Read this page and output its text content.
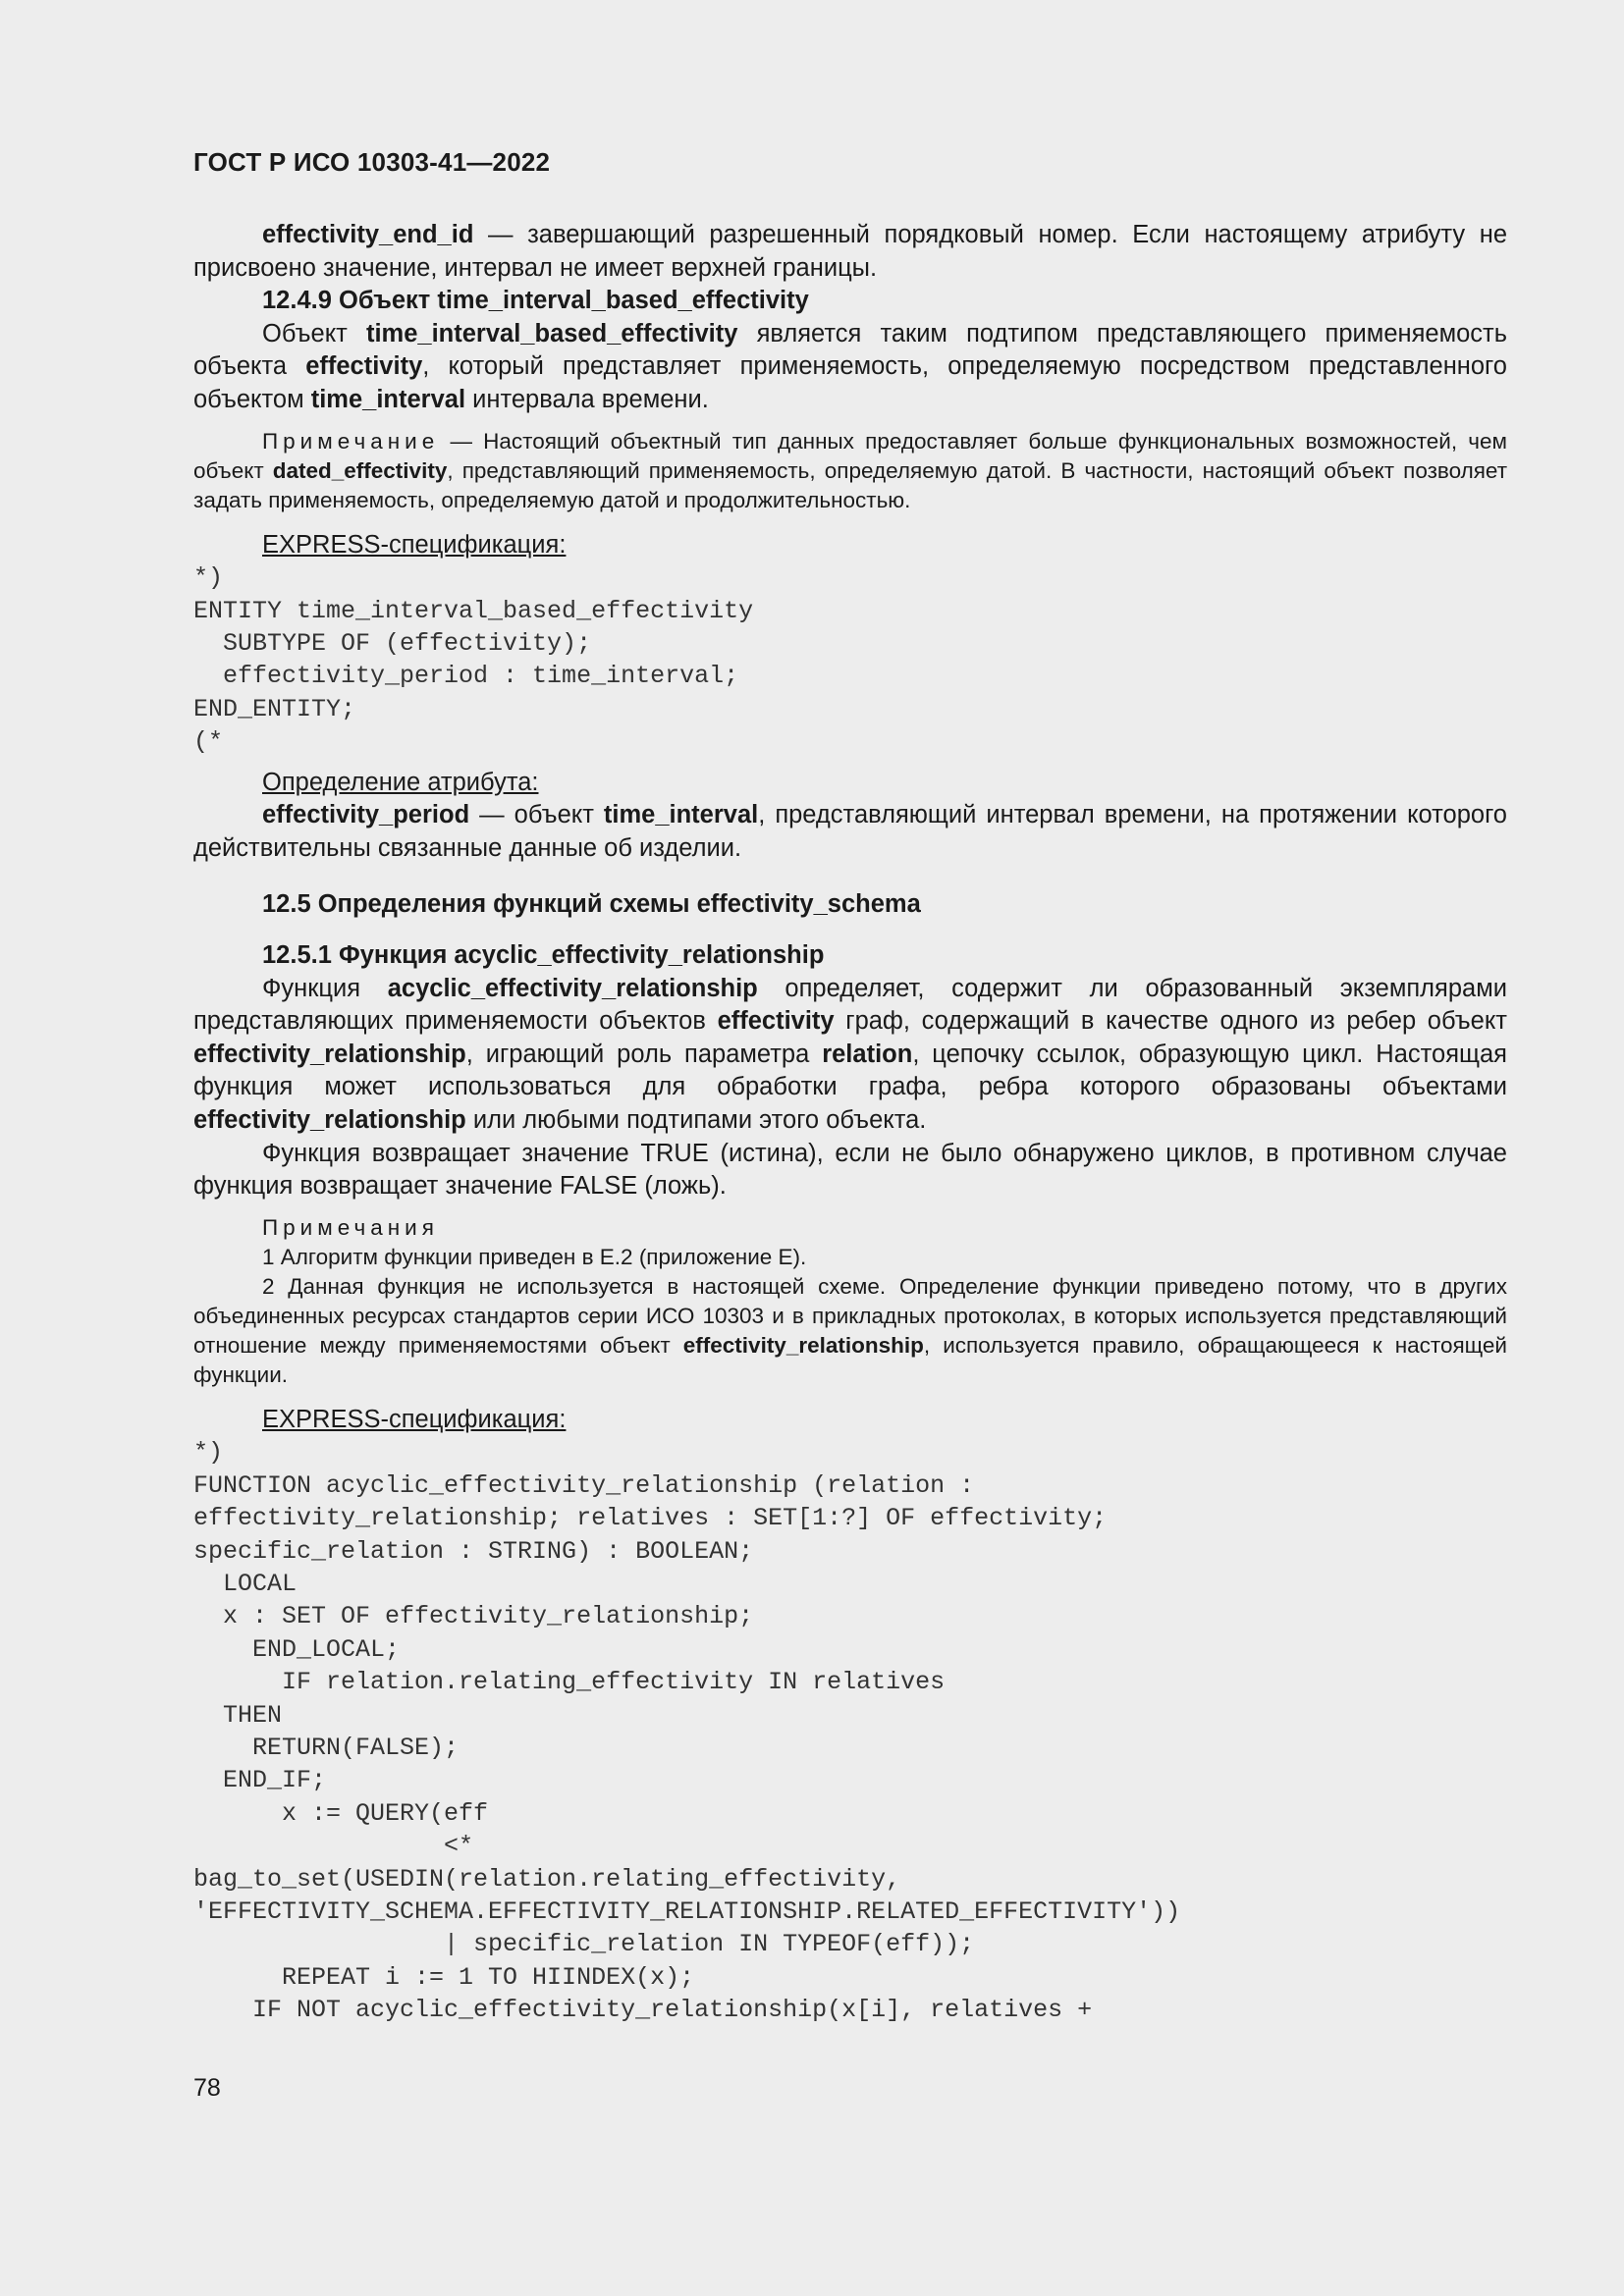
ГОСТ Р ИСО 10303-41—2022

effectivity_end_id — завершающий разрешенный порядковый номер. Если настоящему атрибуту не присвоено значение, интервал не имеет верхней границы.

12.4.9 Объект time_interval_based_effectivity

Объект time_interval_based_effectivity является таким подтипом представляющего применяемость объекта effectivity, который представляет применяемость, определяемую посредством представленного объектом time_interval интервала времени.

Примечание — Настоящий объектный тип данных предоставляет больше функциональных возможностей, чем объект dated_effectivity, представляющий применяемость, определяемую датой. В частности, настоящий объект позволяет задать применяемость, определяемую датой и продолжительностью.

EXPRESS-спецификация:
*)
ENTITY time_interval_based_effectivity
SUBTYPE OF (effectivity);
effectivity_period : time_interval;
END_ENTITY;
(*
Определение атрибута:

effectivity_period — объект time_interval, представляющий интервал времени, на протяжении которого действительны связанные данные об изделии.

12.5 Определения функций схемы effectivity_schema
12.5.1 Функция acyclic_effectivity_relationship

Функция acyclic_effectivity_relationship определяет, содержит ли образованный экземплярами представляющих применяемости объектов effectivity граф, содержащий в качестве одного из ребер объект effectivity_relationship, играющий роль параметра relation, цепочку ссылок, образующую цикл. Настоящая функция может использоваться для обработки графа, ребра которого образованы объектами effectivity_relationship или любыми подтипами этого объекта.

Функция возвращает значение TRUE (истина), если не было обнаружено циклов, в противном случае функция возвращает значение FALSE (ложь).

Примечания

1 Алгоритм функции приведен в Е.2 (приложение Е).

2 Данная функция не используется в настоящей схеме. Определение функции приведено потому, что в других объединенных ресурсах стандартов серии ИСО 10303 и в прикладных протоколах, в которых используется представляющий отношение между применяемостями объект effectivity_relationship, используется правило, обращающееся к настоящей функции.

EXPRESS-спецификация:
*)
FUNCTION acyclic_effectivity_relationship (relation :
effectivity_relationship; relatives : SET[1:?] OF effectivity;
specific_relation : STRING) : BOOLEAN;
LOCAL
x : SET OF effectivity_relationship;
END_LOCAL;
IF relation.relating_effectivity IN relatives
THEN
RETURN(FALSE);
END_IF;
x := QUERY(eff
<*
bag_to_set(USEDIN(relation.relating_effectivity,
'EFFECTIVITY_SCHEMA.EFFECTIVITY_RELATIONSHIP.RELATED_EFFECTIVITY'))
| specific_relation IN TYPEOF(eff));
REPEAT i := 1 TO HIINDEX(x);
IF NOT acyclic_effectivity_relationship(x[i], relatives +
78
